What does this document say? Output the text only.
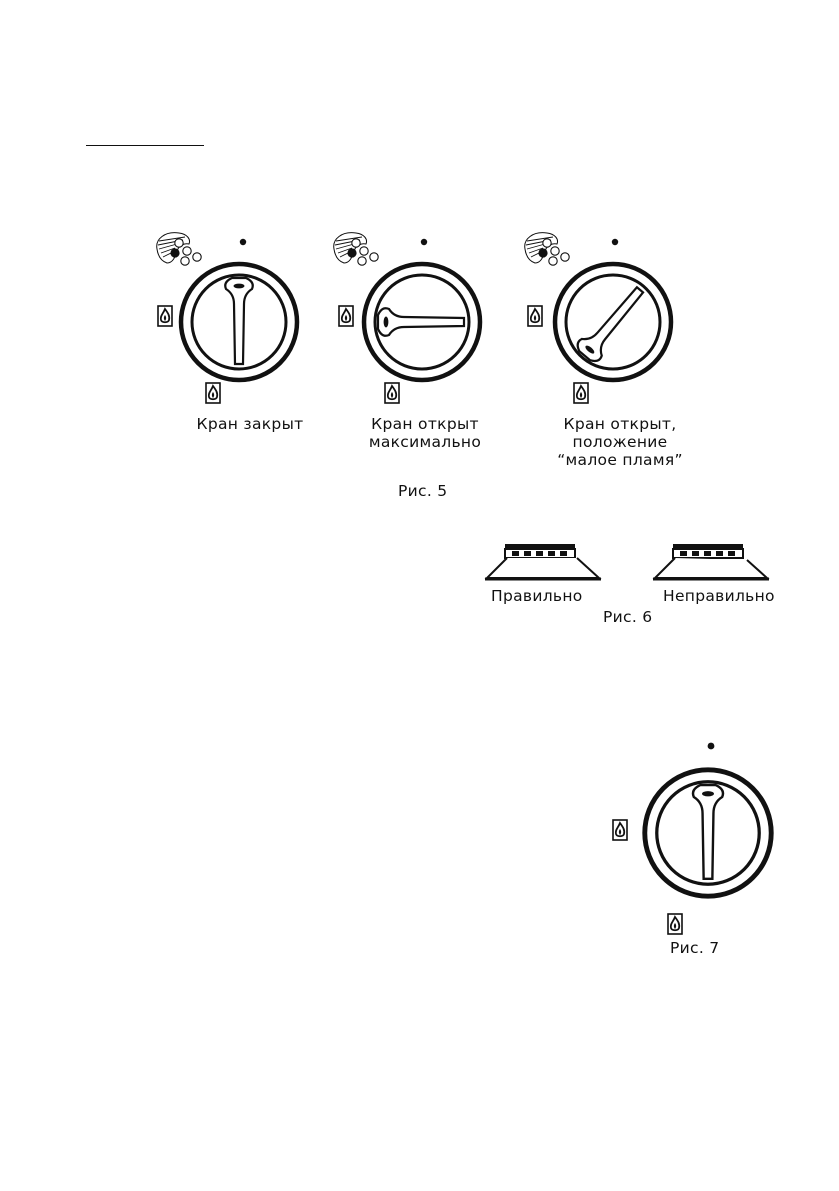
Кран закрыт	Кран открыт
максимально
Кран открыт,
положение
“малое пламя”
Рис. 5
Правильно	Неправильно
Рис. 6
Рис. 7
